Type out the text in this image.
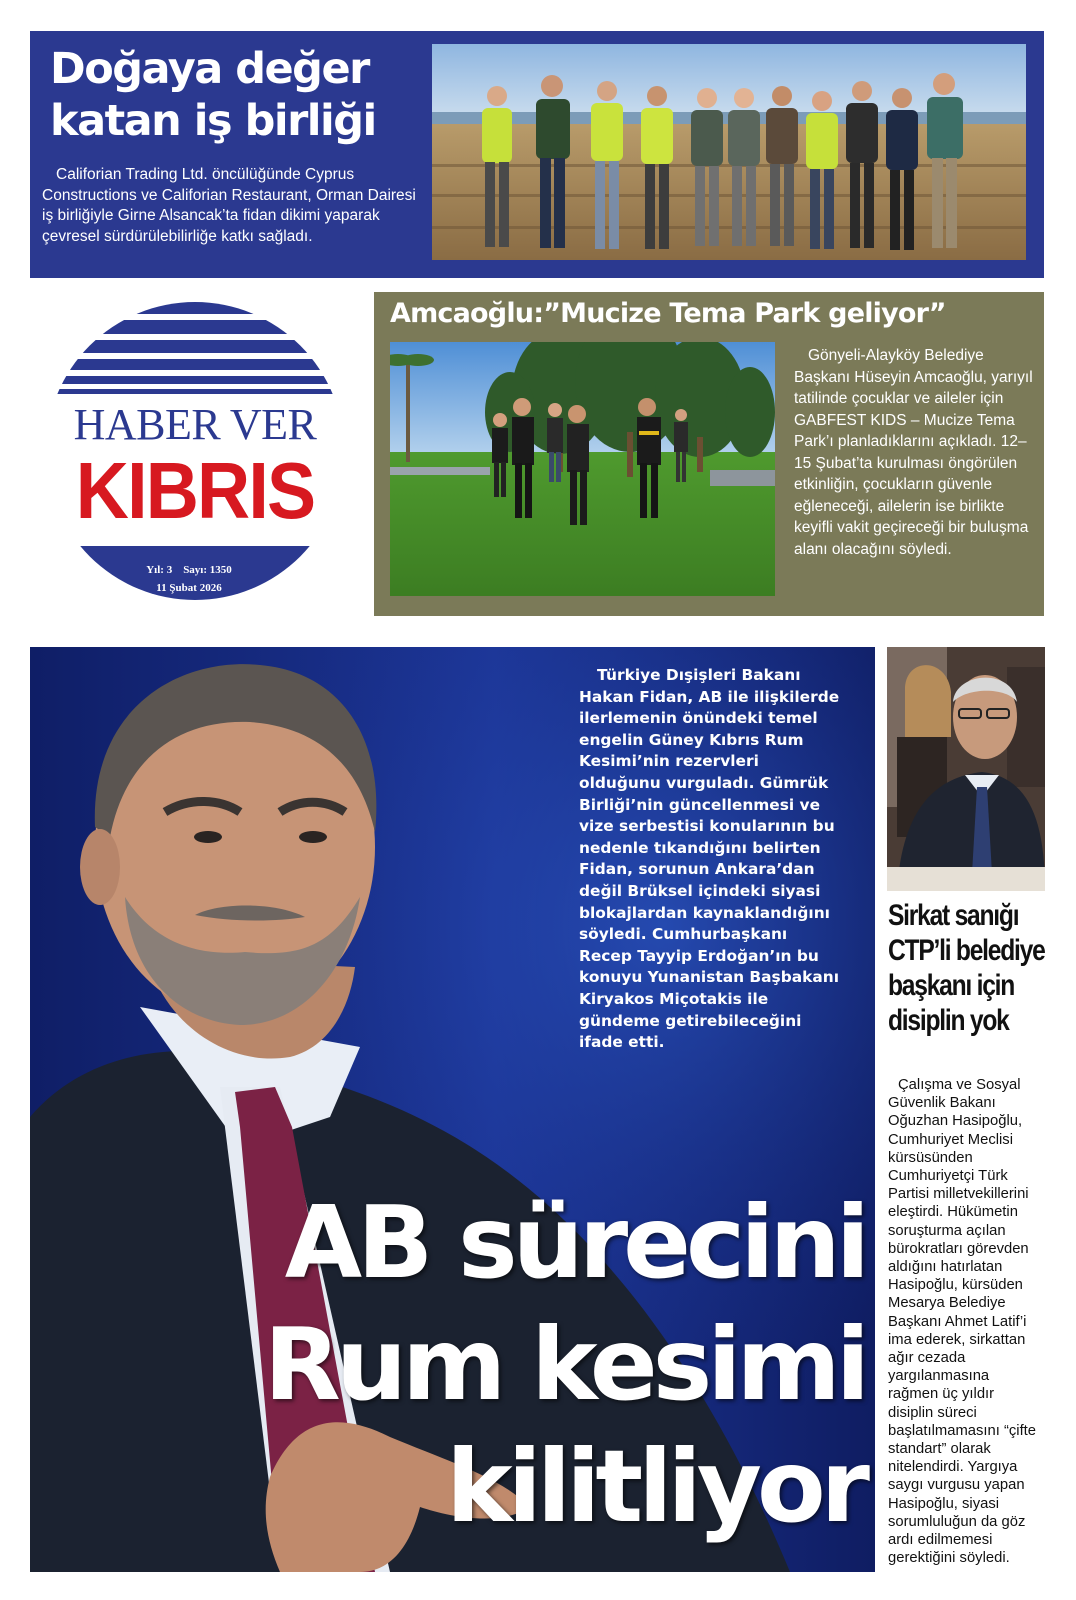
Doğaya değer katan iş birliği

Califorian Trading Ltd. öncülüğünde Cyprus Constructions ve Califorian Restaurant, Orman Dairesi iş birliğiyle Girne Alsancak’ta fidan dikimi yaparak çevresel sürdürülebilirliğe katkı sağladı.

HABER VER
KIBRIS
Yıl: 3    Sayı: 1350
11 Şubat 2026
Amcaoğlu:”Mucize Tema Park geliyor”

Gönyeli-Alayköy Belediye Başkanı Hüseyin Amcaoğlu, yarıyıl tatilinde çocuklar ve aileler için GABFEST KIDS – Mucize Tema Park’ı planladıklarını açıkladı. 12–15 Şubat’ta kurulması öngörülen etkinliğin, çocukların güvenle eğleneceği, ailelerin ise birlikte keyifli vakit geçireceği bir buluşma alanı olacağını söyledi.

Türkiye Dışişleri Bakanı Hakan Fidan, AB ile ilişkilerde ilerlemenin önündeki temel engelin Güney Kıbrıs Rum Kesimi’nin rezervleri olduğunu vurguladı. Gümrük Birliği’nin güncellenmesi ve vize serbestisi konularının bu nedenle tıkandığını belirten Fidan, sorunun Ankara’dan değil Brüksel içindeki siyasi blokajlardan kaynaklandığını söyledi. Cumhurbaşkanı Recep Tayyip Erdoğan’ın bu konuyu Yunanistan Başbakanı Kiryakos Miçotakis ile gündeme getirebileceğini ifade etti.

AB sürecini
Rum kesimi
kilitliyor
Sirkat sanığı CTP’li belediye başkanı için disiplin yok

Çalışma ve Sosyal Güvenlik Bakanı Oğuzhan Hasipoğlu, Cumhuriyet Meclisi kürsüsünden Cumhuriyetçi Türk Partisi milletvekillerini eleştirdi. Hükümetin soruşturma açılan bürokratları görevden aldığını hatırlatan Hasipoğlu, kürsüden Mesarya Belediye Başkanı Ahmet Latif’i ima ederek, sirkattan ağır cezada yargılanmasına rağmen üç yıldır disiplin süreci başlatılmamasını “çifte standart” olarak nitelendirdi. Yargıya saygı vurgusu yapan Hasipoğlu, siyasi sorumluluğun da göz ardı edilmemesi gerektiğini söyledi.
